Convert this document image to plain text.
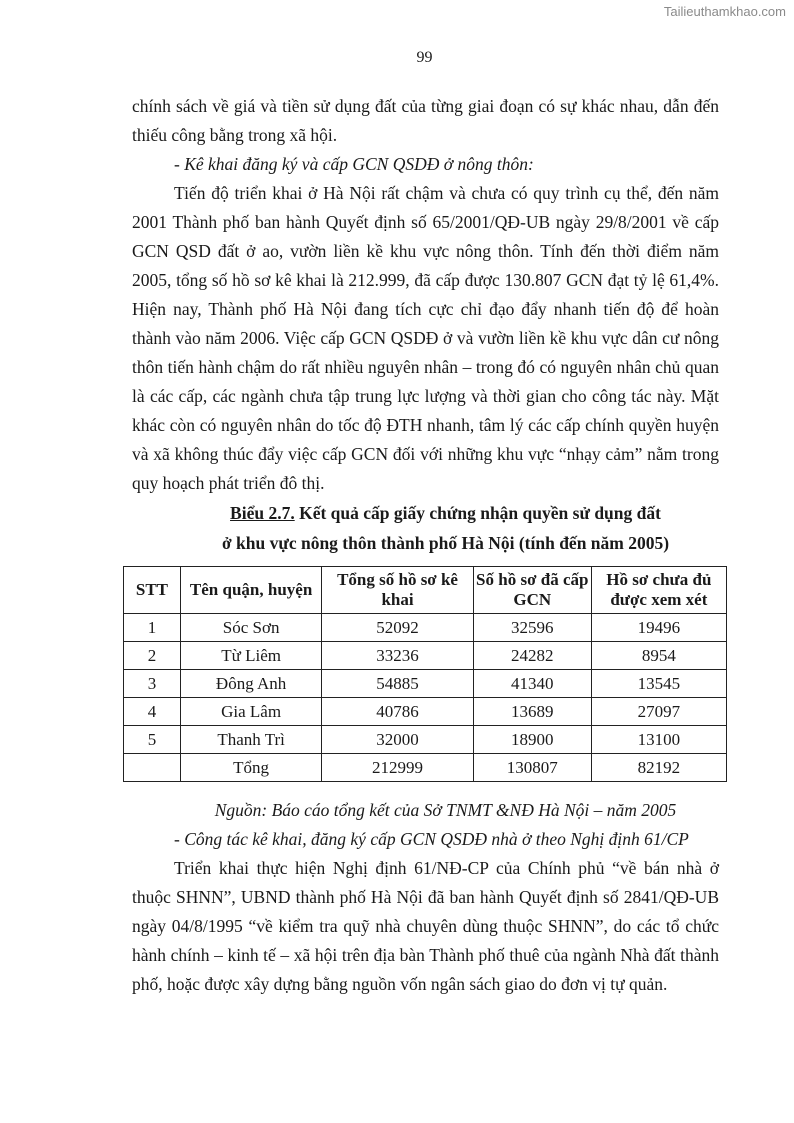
Tailieuthamkhao.com
99

chính sách về giá và tiền sử dụng đất của từng giai đoạn có sự khác nhau, dẫn đến thiếu công bằng trong xã hội.

- Kê khai đăng ký và cấp GCN QSDĐ ở nông thôn:

Tiến độ triển khai ở Hà Nội rất chậm và chưa có quy trình cụ thể, đến năm 2001 Thành phố ban hành Quyết định số 65/2001/QĐ-UB ngày 29/8/2001 về cấp GCN QSD đất ở ao, vườn liền kề khu vực nông thôn. Tính đến thời điểm năm 2005, tổng số hồ sơ kê khai là 212.999, đã cấp được 130.807 GCN đạt tỷ lệ 61,4%. Hiện nay, Thành phố Hà Nội đang tích cực chỉ đạo đẩy nhanh tiến độ để hoàn thành vào năm 2006. Việc cấp GCN QSDĐ ở và vườn liền kề khu vực dân cư nông thôn tiến hành chậm do rất nhiều nguyên nhân – trong đó có nguyên nhân chủ quan là các cấp, các ngành chưa tập trung lực lượng và thời gian cho công tác này. Mặt khác còn có nguyên nhân do tốc độ ĐTH nhanh, tâm lý các cấp chính quyền huyện và xã không thúc đẩy việc cấp GCN đối với những khu vực “nhạy cảm” nằm trong quy hoạch phát triển đô thị.

Biểu 2.7. Kết quả cấp giấy chứng nhận quyền sử dụng đất
ở khu vực nông thôn thành phố Hà Nội (tính đến năm 2005)
STT	Tên quận, huyện	Tổng số hồ sơ kê khai	Số hồ sơ đã cấp GCN	Hồ sơ chưa đủ được xem xét
1	Sóc Sơn	52092	32596	19496
2	Từ Liêm	33236	24282	8954
3	Đông Anh	54885	41340	13545
4	Gia Lâm	40786	13689	27097
5	Thanh Trì	32000	18900	13100
	Tổng	212999	130807	82192

Nguồn: Báo cáo tổng kết của Sở TNMT &NĐ Hà Nội – năm 2005

- Công tác kê khai, đăng ký cấp GCN QSDĐ nhà ở theo Nghị định 61/CP

Triển khai thực hiện Nghị định 61/NĐ-CP của Chính phủ “về bán nhà ở thuộc SHNN”, UBND thành phố Hà Nội đã ban hành Quyết định số 2841/QĐ-UB ngày 04/8/1995 “về kiểm tra quỹ nhà chuyên dùng thuộc SHNN”, do các tổ chức hành chính – kinh tế – xã hội trên địa bàn Thành phố thuê của ngành Nhà đất thành phố, hoặc được xây dựng bằng nguồn vốn ngân sách giao do đơn vị tự quản.
